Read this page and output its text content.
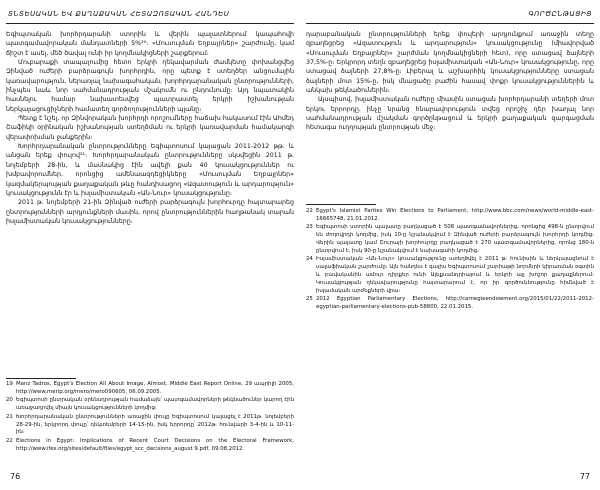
ՏՆՏԵՍԱԿԱՆ ԵՎ ՔԱՂԱՔԱԿԱՆ ՀԵՏԱԶՈՏԱԿԱՆ ՀԱՆԴԵՍ

Եգիպտական խորհրդարանի ստորին և վերին պալատներում կապահովի պատգամավորական մանդատների 5%²⁰։ «Մուսուլման Եղբայրներ» շարժումը, կամ ճիշտ է ասել, մեծ ծավալ ունի իր կողմնակիցների շարքերում։

Մուբարաքի տապալումից հետո երկրի ղեկավարման ժամկետը փոխանցվեց Զինված ուժերի բարձրագույն խորհրդին, որը պետք է ստեղծեր անցումային կառավարություն, ներառյալ նախագահական, խորհրդարանական ընտրությունների, ինչպես նաև նոր սահմանադրության մշակումն ու ընդունումը։ Այդ նպատակին հասնելու համար նախատեսվեց պատրաստել երկրի իշխանության ներկայացուցիչների համատեղ գործողությունների պլանը։

Պետք է նշել, որ Զինվորական խորհրդի որոշումները հաճախ հակասում էին Ահմեդ Շաֆիկի օրինական իշխանության ստեղծման ու երկրի կառավարման համակարգի վերափոխման ջանքերին։

Խորհրդարանական ընտրությունները Եգիպտոսում կայացան 2011-2012 թթ. և անցան երեք փուլով²¹։ Խորհրդարանական ընտրությունները սկսվեցին 2011 թ. նոյեմբերի 28-ին, և մասնակից էին ավելի քան 40 կուսակցություններ ու խմբավորումներ, որոնցից ամենաազդեցիկները «Մուսուլման Եղբայրներ» կազմակերպության քաղաքական թևը հանդիսացող «Ազատություն և արդարություն» կուսակցությունն էր և իսլամիստական «Ան-Նուր» կուսակցությունը։

2011 թ. նոյեմբերի 21-ին Զինված ուժերի բարձրագույն խորհուրդը հայտարարեց ընտրությունների արդյունքների մասին, որով ընտրություններին հաղթանակ տարան իսլամիստական կուսակցությունները։

19 Manz Tadros, Egypt's Election All About Image, Almost, Middle East Report Online, 29 ապրիլի 2005, http://www.merip.org/mero/mero090605, 06.09.2005.
20 Եգիպտոսի ընտրական օրենսդրության համաձայն՝ պատգամավորների թեկնածուներ կարող էին առաջադրվել միայն կուսակցությունների կողմից։
21 Խորհրդարանական ընտրությունների առաջին փուլը Եգիպտոսում կայացել է 2011թ. նոյեմբերի 28-29-ին, երկրորդ փուլը՝ դեկտեմբերի 14-15-ին, իսկ երրորդը՝ 2012թ. հունվարի 3-4-ին և 10-11-ին։
22 Elections in Egypt: Implications of Recent Court Decisions on the Electoral Framework, http://www.ifes.org/sites/default/files/egypt_scc_decisions_august 9.pdf, 09.08.2012.
76
ԳՈՐԾԸՆԹԱՑԻՑ

դարաբանական ընտրությունների երեք փուլերի արդյունքում առաջին տեղը զբաղեցրեց «Ազատություն և արդարություն» կուսակցությունը (միավորված «Մուսուլման Եղբայրներ» շարժման կողմնակիցների հետ), որը ստացավ ձայների 37,5%-ը։ Երկրորդ տեղն զբաղեցրեց իսլամիստական «Ան-Նուր» կուսակցությունը, որը ստացավ ձայների 27,8%-ը։ Լիբերալ և աշխարհիկ կուսակցությունները ստացան ձայների մոտ 15%-ը, իսկ մնացածը բաժին հասավ փոքր կուսակցություններին և անկախ թեկնածուներին։

Այսպիսով, իսլամիստական ուժերը միասին ստացան խորհրդարանի տեղերի մոտ երկու երրորդը, ինչը նրանց հնարավորություն տվեց որոշիչ դեր խաղալ նոր սահմանադրության մշակման գործընթացում և երկրի քաղաքական զարգացման հետագա ուղղության ընտրության մեջ։

22 Egypt's Islamist Parties Win Elections to Parliament, http://www.bbc.com/news/world-middle-east-16665748, 21.01.2012.
23 Եգիպտոսի ստորին պալատը բաղկացած է 508 պատգամավորներից, որոնցից 498-ն ընտրվում են ժողովրդի կողմից, իսկ 10-ը նշանակվում է Զինված ուժերի բարձրագույն խորհրդի կողմից։ Վերին պալատը կամ Շուրայի խորհուրդը բաղկացած է 270 պատգամավորներից, որոնց 180-ն ընտրվում է, իսկ 90-ը նշանակվում է նախագահի կողմից։
24 Իսլամիստական «Ան-Նուր» կուսակցությունը ստեղծվել է 2011 թ. հունիսին և ներկայացնում է սալաֆիական շարժումը։ Այն հանդես է գալիս Եգիպտոսում շարիաթի նորմերի կիրառման օգտին և բավականին ամուր դիրքեր ունի Ալեքսանդրիայում և երկրի այլ խոշոր քաղաքներում։ Կուսակցության ղեկավարությունը հայտարարում է, որ իր գործունեությունը հիմնված է իսլամական արժեքների վրա։
25 2012 Egyptian Parliamentary Elections, http://carnegieendowment.org/2015/01/22/2011-2012-egyptian-parliamentary-elections-pub-58800, 22.01.2015.
77
